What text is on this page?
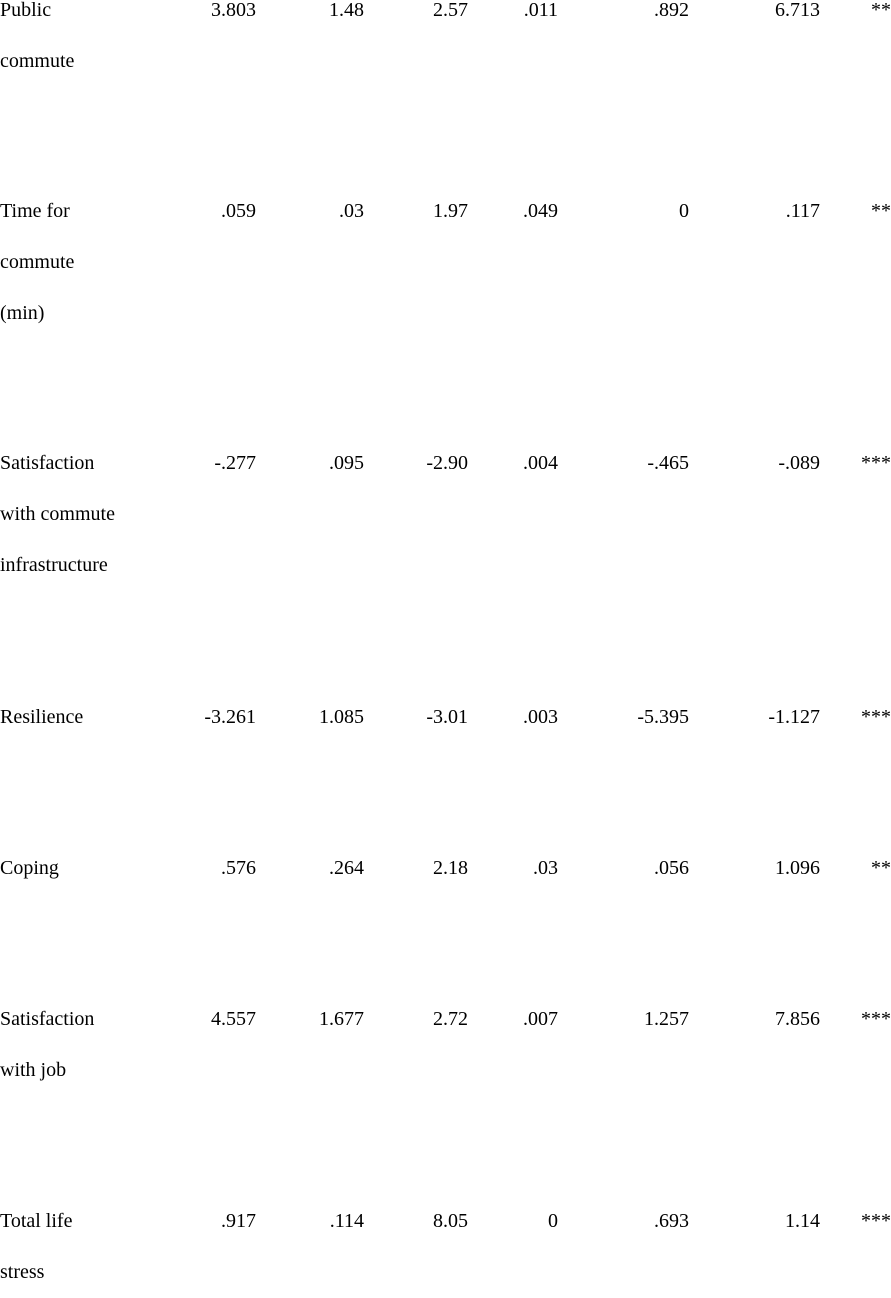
Public
commute
3.803	1.48	2.57	.011	.892	6.713	**
Time for
commute
(min)
.059	.03	1.97	.049	0	.117	**
Satisfaction
with commute
infrastructure
-.277	.095	-2.90	.004	-.465	-.089 ***
Resilience	-3.261	1.085	-3.01	.003	-5.395	-1.127 ***
Coping	.576	.264	2.18	.03	.056	1.096	**
Satisfaction
with job
4.557	1.677	2.72	.007	1.257	7.856 ***
Total life
stress
.917	.114	8.05	0	.693	1.14 ***
